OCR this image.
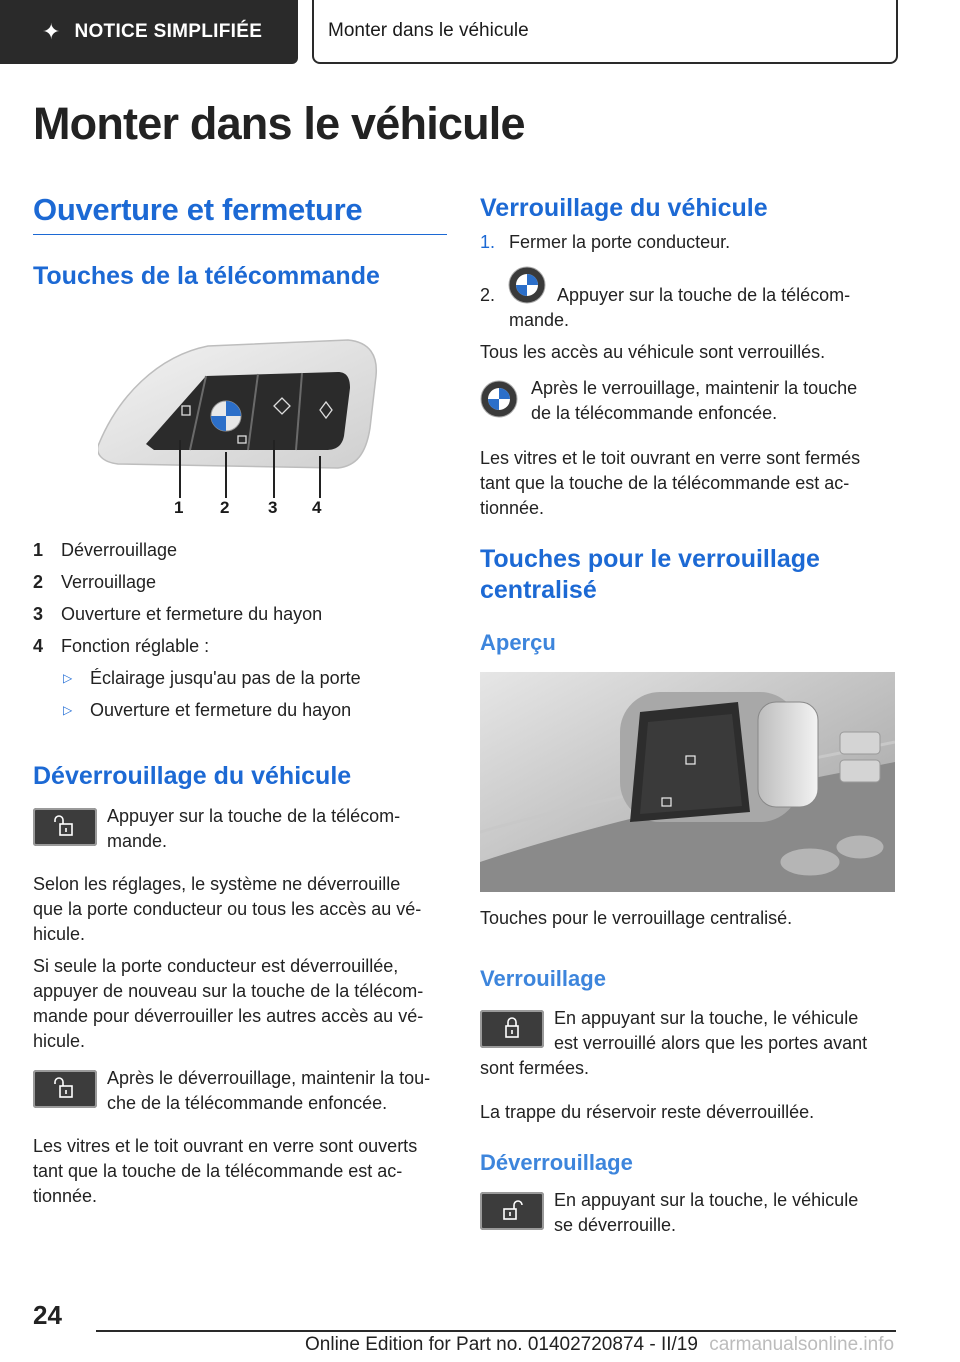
✦ NOTICE SIMPLIFIÉE	Monter dans le véhicule
Monter dans le véhicule
Ouverture et fermeture
Touches de la télécommande
1 2 3 4
1 Déverrouillage
2 Verrouillage
3 Ouverture et fermeture du hayon
4 Fonction réglable :
▷ Éclairage jusqu'au pas de la porte
▷ Ouverture et fermeture du hayon
Déverrouillage du véhicule
Appuyer sur la touche de la télécom-
mande.
Selon les réglages, le système ne déverrouille
que la porte conducteur ou tous les accès au vé-
hicule.
Si seule la porte conducteur est déverrouillée,
appuyer de nouveau sur la touche de la télécom-
mande pour déverrouiller les autres accès au vé-
hicule.
Après le déverrouillage, maintenir la tou-
che de la télécommande enfoncée.
Les vitres et le toit ouvrant en verre sont ouverts
tant que la touche de la télécommande est ac-
tionnée.
Verrouillage du véhicule
1. Fermer la porte conducteur.
2.	Appuyer sur la touche de la télécom-
mande.
Tous les accès au véhicule sont verrouillés.
Après le verrouillage, maintenir la touche
de la télécommande enfoncée.
Les vitres et le toit ouvrant en verre sont fermés
tant que la touche de la télécommande est ac-
tionnée.
Touches pour le verrouillage
centralisé
Aperçu
Touches pour le verrouillage centralisé.
Verrouillage
En appuyant sur la touche, le véhicule
est verrouillé alors que les portes avant
sont fermées.
La trappe du réservoir reste déverrouillée.
Déverrouillage
En appuyant sur la touche, le véhicule
se déverrouille.
24
Online Edition for Part no. 01402720874 - II/19 carmanualsonline.info
